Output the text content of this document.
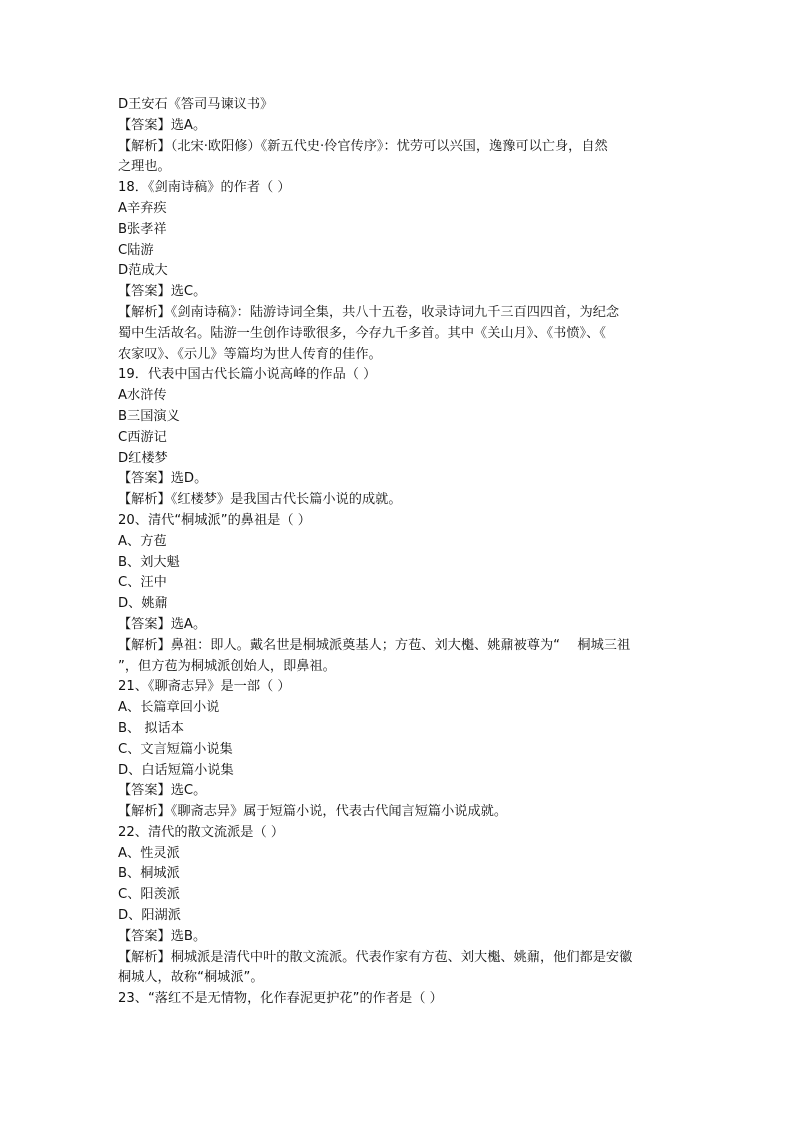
D王安石《答司马谏议书》
【答案】选A。
【解析】（北宋·欧阳修）《新五代史·伶官传序》：忧劳可以兴国，逸豫可以亡身，自然
之理也。
18．《剑南诗稿》的作者（ ）
A辛弃疾
B张孝祥
C陆游
D范成大
【答案】选C。
【解析】《剑南诗稿》：陆游诗词全集，共八十五卷，收录诗词九千三百四四首，为纪念
蜀中生活故名。陆游一生创作诗歌很多，今存九千多首。其中《关山月》、《书愤》、《
农家叹》、《示儿》等篇均为世人传育的佳作。
19．代表中国古代长篇小说高峰的作品（ ）
A水浒传
B三国演义
C西游记
D红楼梦
【答案】选D。
【解析】《红楼梦》是我国古代长篇小说的成就。
20、清代“桐城派”的鼻祖是（ ）
A、方苞
B、刘大魁
C、汪中
D、姚鼐
【答案】选A。
【解析】鼻祖：即人。戴名世是桐城派奠基人；方苞、刘大櫆、姚鼐被尊为“　 桐城三祖
”，但方苞为桐城派创始人，即鼻祖。
21、《聊斋志异》是一部（ ）
A、长篇章回小说
B、 拟话本
C、文言短篇小说集
D、白话短篇小说集
【答案】选C。
【解析】《聊斋志异》属于短篇小说，代表古代闻言短篇小说成就。
22、清代的散文流派是（ ）
A、性灵派
B、桐城派
C、阳羡派
D、阳湖派
【答案】选B。
【解析】桐城派是清代中叶的散文流派。代表作家有方苞、刘大櫆、姚鼐，他们都是安徽
桐城人，故称“桐城派”。
23、“落红不是无情物，化作春泥更护花”的作者是（ ）
